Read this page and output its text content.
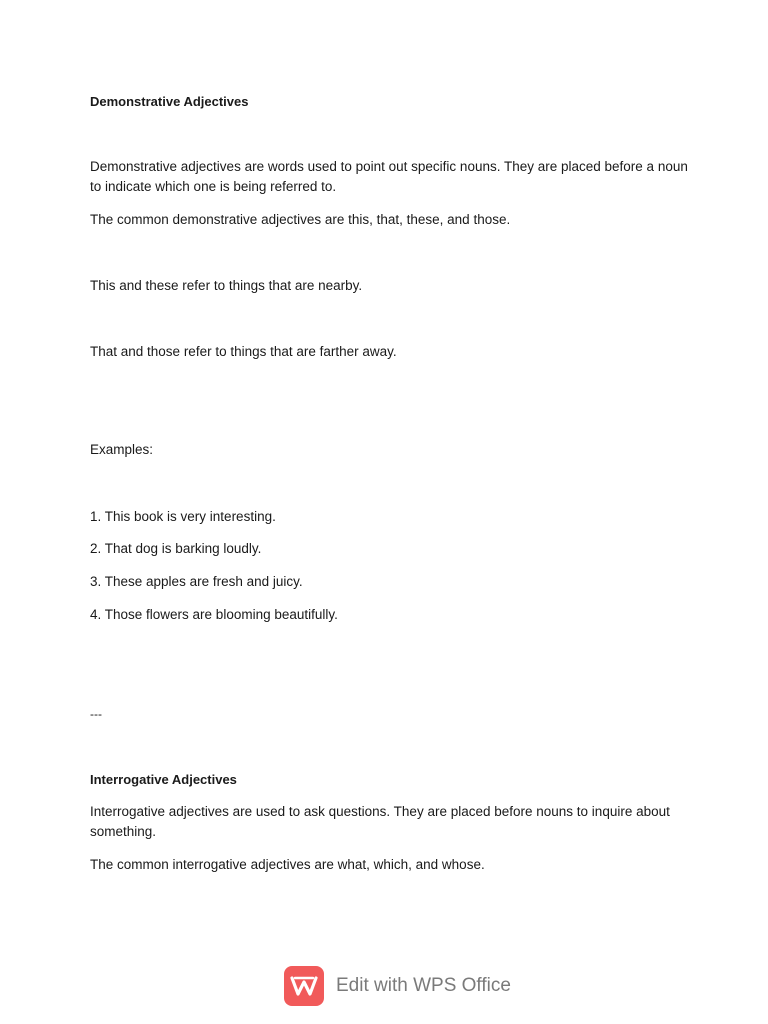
Demonstrative Adjectives

Demonstrative adjectives are words used to point out specific nouns. They are placed before a noun to indicate which one is being referred to.

The common demonstrative adjectives are this, that, these, and those.

This and these refer to things that are nearby.

That and those refer to things that are farther away.

Examples:

1. This book is very interesting.

2. That dog is barking loudly.

3. These apples are fresh and juicy.

4. Those flowers are blooming beautifully.

---

Interrogative Adjectives

Interrogative adjectives are used to ask questions. They are placed before nouns to inquire about something.

The common interrogative adjectives are what, which, and whose.

Edit with WPS Office
